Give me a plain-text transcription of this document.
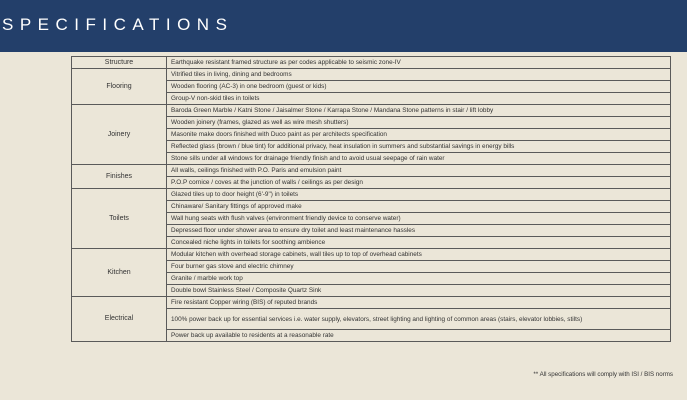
SPECIFICATIONS
Structure	Earthquake resistant framed structure as per codes applicable to seismic zone-IV
Flooring	Vitrified tiles in living, dining and bedrooms
	Wooden flooring (AC-3) in one bedroom (guest or kids)
	Group-V non-skid tiles in toilets
Joinery	Baroda Green Marble / Katni Stone / Jaisalmer Stone / Karrapa Stone / Mandana Stone patterns in stair / lift lobby
	Wooden joinery (frames, glazed as well as wire mesh shutters)
	Masonite make doors finished with Duco paint as per architects specification
	Reflected glass (brown / blue tint) for additional privacy, heat insulation in summers and substantial savings in energy bills
	Stone sills under all windows for drainage friendly finish and to avoid usual seepage of rain water
Finishes	All walls, ceilings finished with P.O. Paris and emulsion paint
	P.O.P cornice / coves at the junction of walls / ceilings as per design
Toilets	Glazed tiles up to door height (6'-9") in toilets
	Chinaware/ Sanitary fittings of approved make
	Wall hung seats with flush valves (environment friendly device to conserve water)
	Depressed floor under shower area to ensure dry toilet and least maintenance hassles
	Concealed niche lights in toilets for soothing ambience
Kitchen	Modular kitchen with overhead storage cabinets, wall tiles up to top of overhead cabinets
	Four burner gas stove and electric chimney
	Granite / marble work top
	Double bowl Stainless Steel / Composite Quartz Sink
Electrical	Fire resistant Copper wiring (BIS) of reputed brands
	100% power back up for essential services i.e. water supply, elevators, street lighting and lighting of common areas (stairs, elevator lobbies, stilts)
	Power back up available to residents at a reasonable rate
** All specifications will comply with ISI / BIS norms
